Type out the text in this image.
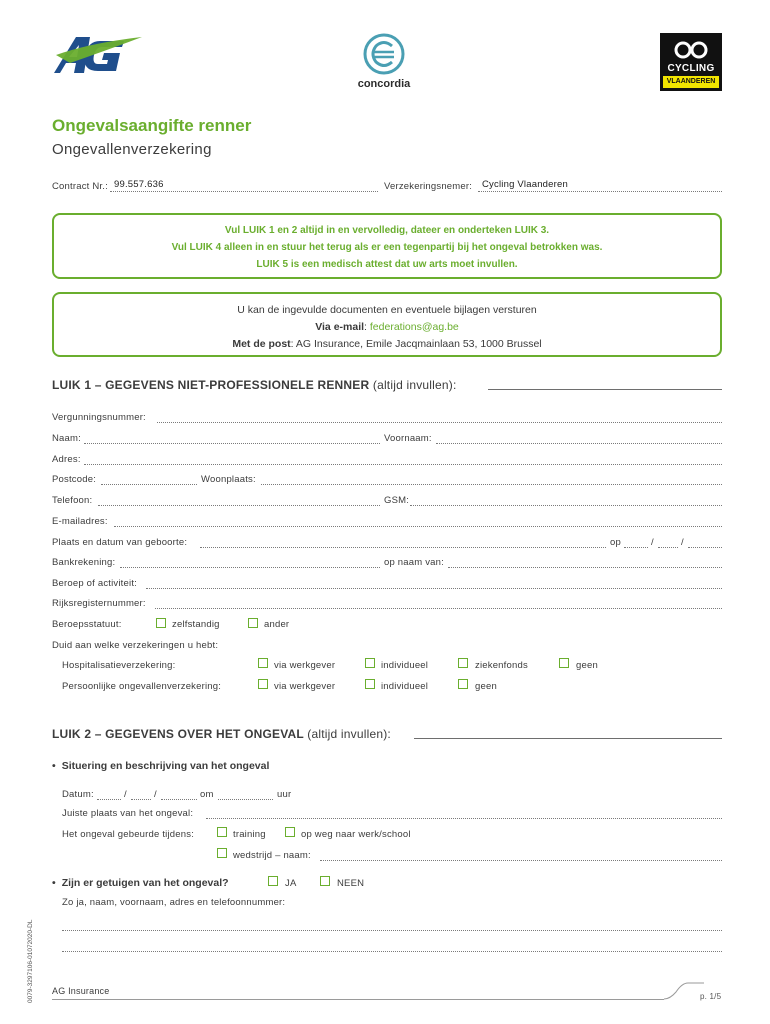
concordia
CYCLING
VLAANDEREN
Ongevalsaangifte renner
Ongevallenverzekering
Contract Nr.: 99.557.636	Verzekeringsnemer: Cycling Vlaanderen
Vul LUIK 1 en 2 altijd in en vervolledig, dateer en onderteken LUIK 3.
Vul LUIK 4 alleen in en stuur het terug als er een tegenpartij bij het ongeval betrokken was.
LUIK 5 is een medisch attest dat uw arts moet invullen.
U kan de ingevulde documenten en eventuele bijlagen versturen
Via e-mail: federations@ag.be
Met de post: AG Insurance, Emile Jacqmainlaan 53, 1000 Brussel
LUIK 1 – GEGEVENS NIET-PROFESSIONELE RENNER (altijd invullen):
Vergunningsnummer:
Naam:	Voornaam:
Adres:
Postcode:	Woonplaats:
Telefoon:	GSM:
E-mailadres:
Plaats en datum van geboorte:	op	/	/
Bankrekening:	op naam van:
Beroep of activiteit:
Rijksregisternummer:
Beroepsstatuut:	zelfstandig	ander
Duid aan welke verzekeringen u hebt:
Hospitalisatieverzekering:	via werkgever	individueel	ziekenfonds	geen
Persoonlijke ongevallenverzekering:	via werkgever	individueel	geen
LUIK 2 – GEGEVENS OVER HET ONGEVAL (altijd invullen):
• Situering en beschrijving van het ongeval
Datum:	/	/	om	uur
Juiste plaats van het ongeval:
Het ongeval gebeurde tijdens:	training	op weg naar werk/school
wedstrijd – naam:
• Zijn er getuigen van het ongeval?	JA	NEEN
Zo ja, naam, voornaam, adres en telefoonnummer:
0079-3297106-01072020-DL AG Insurance
p. 1/5
